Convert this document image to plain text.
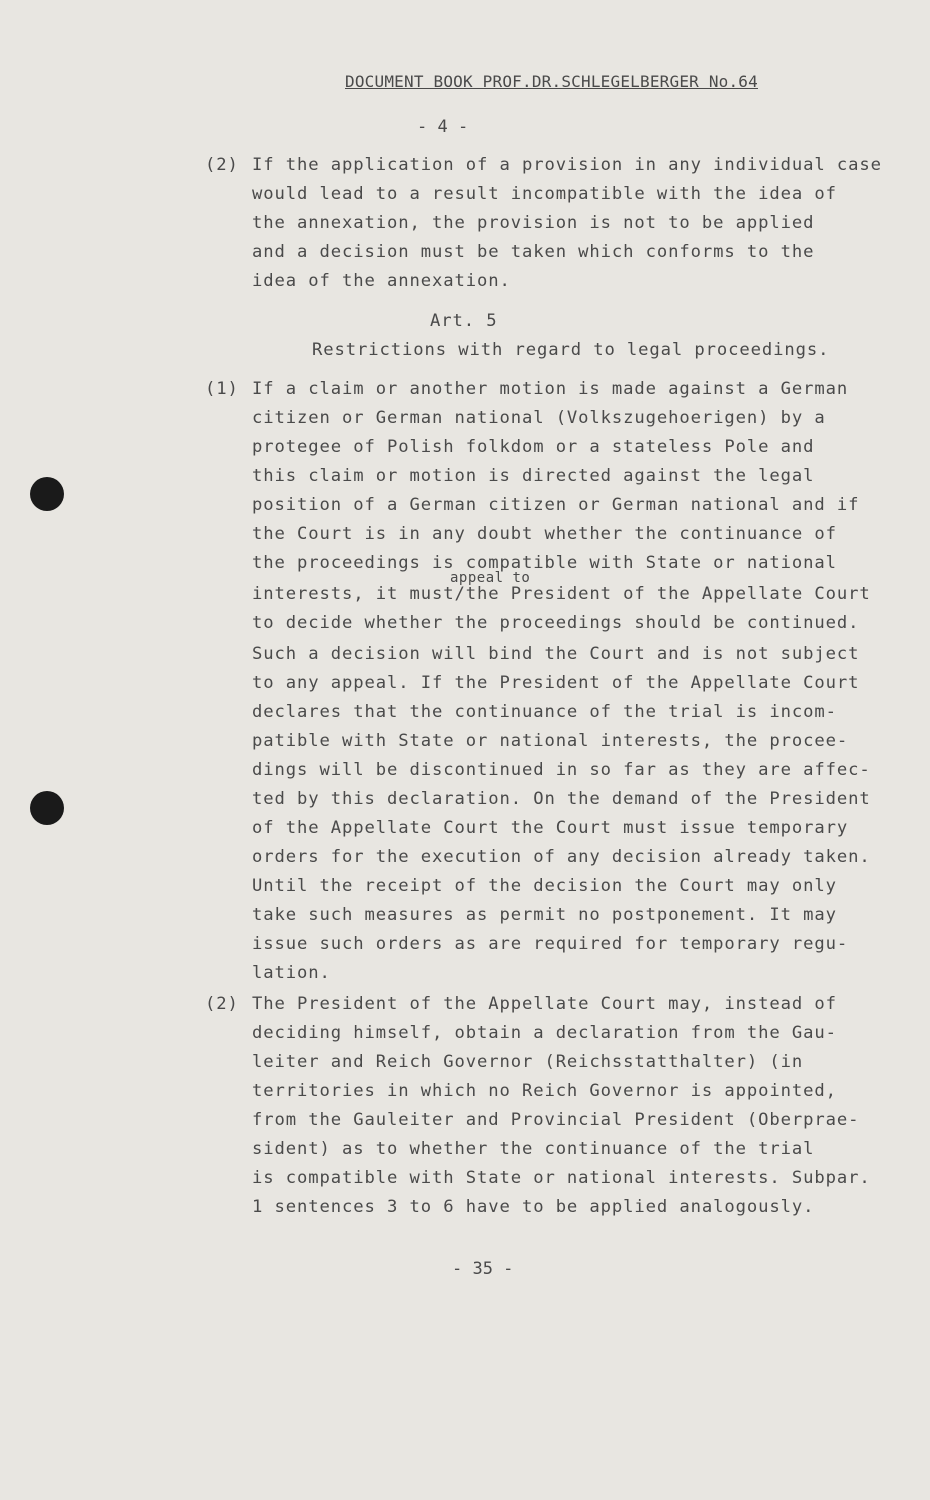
DOCUMENT BOOK PROF.DR.SCHLEGELBERGER No.64
- 4 -
(2) If the application of a provision in any individual case
would lead to a result incompatible with the idea of
the annexation, the provision is not to be applied
and a decision must be taken which conforms to the
idea of the annexation.
Art. 5
Restrictions with regard to legal proceedings.
(1) If a claim or another motion is made against a German
citizen or German national (Volkszugehoerigen) by a
protegee of Polish folkdom or a stateless Pole and
this claim or motion is directed against the legal
position of a German citizen or German national and if
the Court is in any doubt whether the continuance of
the proceedings is compatible with State or national
appeal to
interests, it must/the President of the Appellate Court
to decide whether the proceedings should be continued.
Such a decision will bind the Court and is not subject
to any appeal. If the President of the Appellate Court
declares that the continuance of the trial is incom-
patible with State or national interests, the procee-
dings will be discontinued in so far as they are affec-
ted by this declaration. On the demand of the President
of the Appellate Court the Court must issue temporary
orders for the execution of any decision already taken.
Until the receipt of the decision the Court may only
take such measures as permit no postponement. It may
issue such orders as are required for temporary regu-
lation.
(2) The President of the Appellate Court may, instead of
deciding himself, obtain a declaration from the Gau-
leiter and Reich Governor (Reichsstatthalter) (in
territories in which no Reich Governor is appointed,
from the Gauleiter and Provincial President (Oberprae-
sident) as to whether the continuance of the trial
is compatible with State or national interests. Subpar.
1 sentences 3 to 6 have to be applied analogously.
- 35 -
